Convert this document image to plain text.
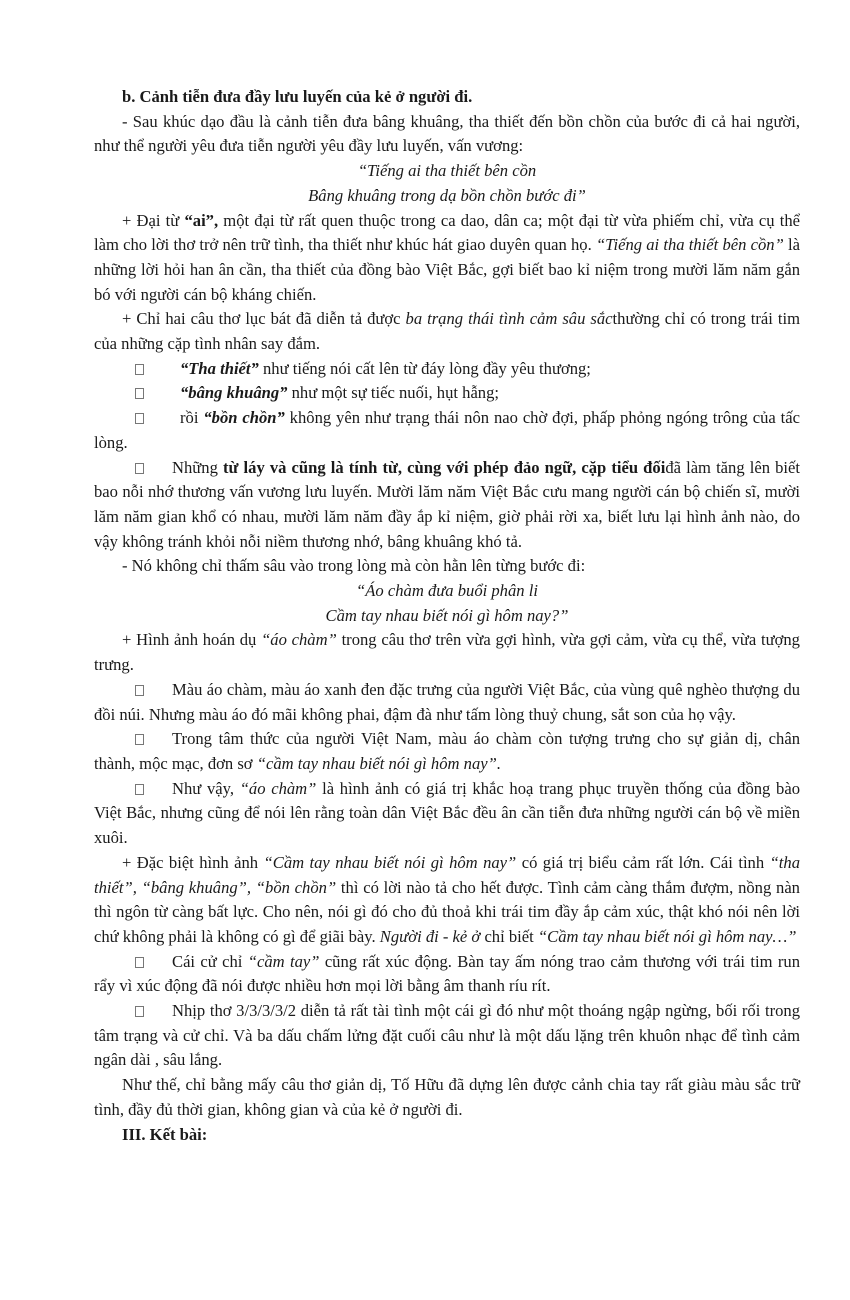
b. Cảnh tiễn đưa đầy lưu luyến của kẻ ở người đi.

- Sau khúc dạo đầu là cảnh tiễn đưa bâng khuâng, tha thiết đến bồn chồn của bước đi cả hai người, như thể người yêu đưa tiễn người yêu đầy lưu luyến, vấn vương:

“Tiếng ai tha thiết bên cồn

Bâng khuâng trong dạ bồn chồn bước đi”

+ Đại từ “ai”, một đại từ rất quen thuộc trong ca dao, dân ca; một đại từ vừa phiếm chỉ, vừa cụ thể làm cho lời thơ trở nên trữ tình, tha thiết như khúc hát giao duyên quan họ. “Tiếng ai tha thiết bên cồn” là những lời hỏi han ân cần, tha thiết của đồng bào Việt Bắc, gợi biết bao kỉ niệm trong mười lăm năm gắn bó với người cán bộ kháng chiến.

+ Chỉ hai câu thơ lục bát đã diễn tả được ba trạng thái tình cảm sâu sắcthường chỉ có trong trái tim của những cặp tình nhân say đắm.

“Tha thiết” như tiếng nói cất lên từ đáy lòng đầy yêu thương;

“bâng khuâng” như một sự tiếc nuối, hụt hẫng;

rồi “bồn chồn” không yên như trạng thái nôn nao chờ đợi, phấp phỏng ngóng trông của tấc lòng.

Những từ láy và cũng là tính từ, cùng với phép đảo ngữ, cặp tiểu đốiđã làm tăng lên biết bao nỗi nhớ thương vấn vương lưu luyến. Mười lăm năm Việt Bắc cưu mang người cán bộ chiến sĩ, mười lăm năm gian khổ có nhau, mười lăm năm đầy ắp kỉ niệm, giờ phải rời xa, biết lưu lại hình ảnh nào, do vậy không tránh khỏi nỗi niềm thương nhớ, bâng khuâng khó tả.

- Nó không chỉ thấm sâu vào trong lòng mà còn hằn lên từng bước đi:

“Áo chàm đưa buổi phân li

Cầm tay nhau biết nói gì hôm nay?”

+ Hình ảnh hoán dụ “áo chàm” trong câu thơ trên vừa gợi hình, vừa gợi cảm, vừa cụ thể, vừa tượng trưng.

Màu áo chàm, màu áo xanh đen đặc trưng của người Việt Bắc, của vùng quê nghèo thượng du đồi núi. Nhưng màu áo đó mãi không phai, đậm đà như tấm lòng thuỷ chung, sắt son của họ vậy.

Trong tâm thức của người Việt Nam, màu áo chàm còn tượng trưng cho sự giản dị, chân thành, mộc mạc, đơn sơ “cầm tay nhau biết nói gì hôm nay”.

Như vậy, “áo chàm” là hình ảnh có giá trị khắc hoạ trang phục truyền thống của đồng bào Việt Bắc, nhưng cũng để nói lên rằng toàn dân Việt Bắc đều ân cần tiễn đưa những người cán bộ về miền xuôi.

+ Đặc biệt hình ảnh “Cầm tay nhau biết nói gì hôm nay” có giá trị biểu cảm rất lớn. Cái tình “tha thiết”, “bâng khuâng”, “bồn chồn” thì có lời nào tả cho hết được. Tình cảm càng thắm đượm, nồng nàn thì ngôn từ càng bất lực. Cho nên, nói gì đó cho đủ thoả khi trái tim đầy ắp cảm xúc, thật khó nói nên lời chứ không phải là không có gì để giãi bày. Người đi - kẻ ở chỉ biết “Cầm tay nhau biết nói gì hôm nay…”

Cái cử chỉ “cầm tay” cũng rất xúc động. Bàn tay ấm nóng trao cảm thương với trái tim run rẩy vì xúc động đã nói được nhiều hơn mọi lời bằng âm thanh ríu rít.

Nhịp thơ 3/3/3/3/2 diễn tả rất tài tình một cái gì đó như một thoáng ngập ngừng, bối rối trong tâm trạng và cử chỉ. Và ba dấu chấm lửng đặt cuối câu như là một dấu lặng trên khuôn nhạc để tình cảm ngân dài , sâu lắng.

Như thế, chỉ bằng mấy câu thơ giản dị, Tố Hữu đã dựng lên được cảnh chia tay rất giàu màu sắc trữ tình, đầy đủ thời gian, không gian và của kẻ ở người đi.

III. Kết bài:
